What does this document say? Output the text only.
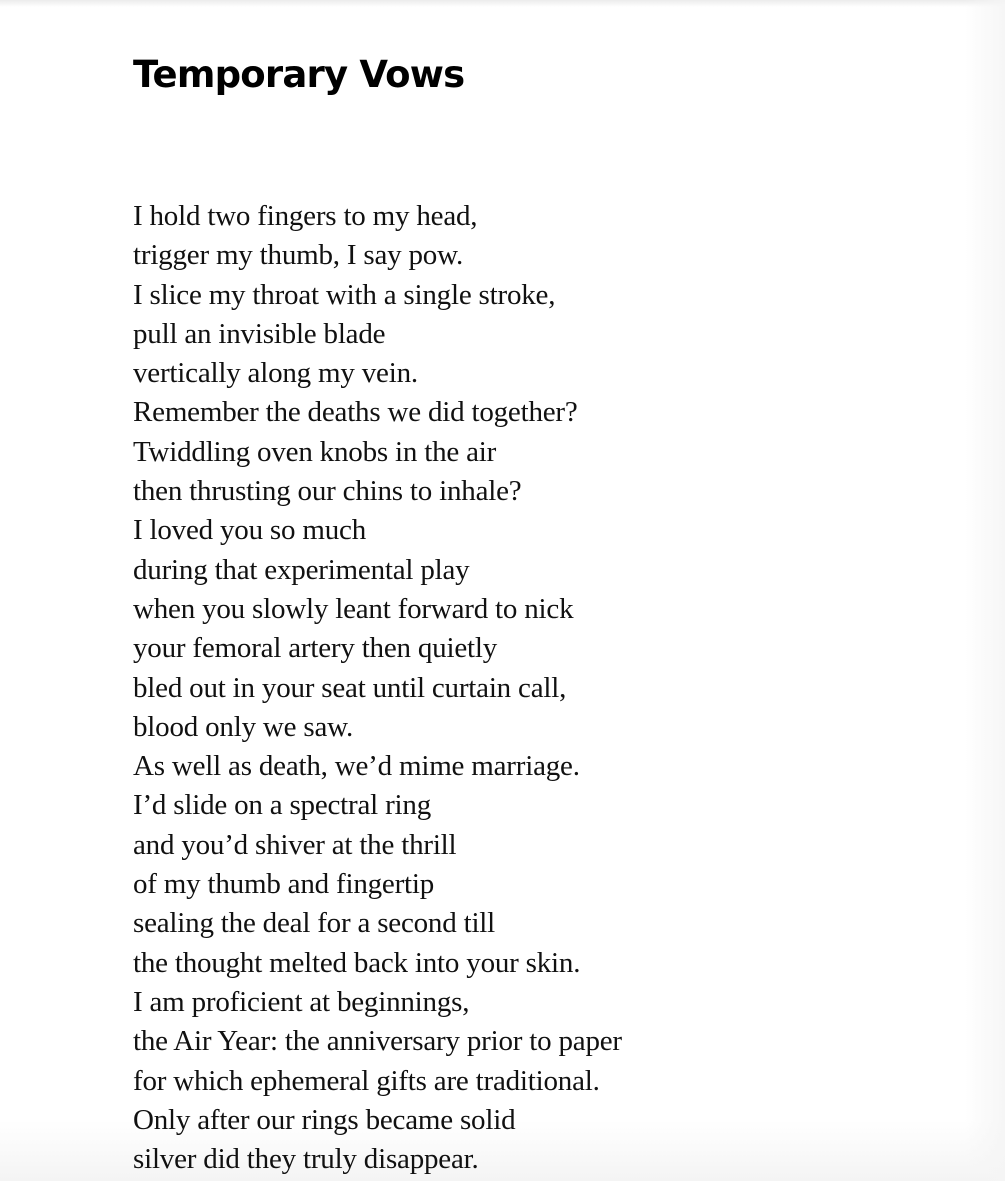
Temporary Vows
I hold two fingers to my head,
trigger my thumb, I say pow.
I slice my throat with a single stroke,
pull an invisible blade
vertically along my vein.
Remember the deaths we did together?
Twiddling oven knobs in the air
then thrusting our chins to inhale?
I loved you so much
during that experimental play
when you slowly leant forward to nick
your femoral artery then quietly
bled out in your seat until curtain call,
blood only we saw.
As well as death, we’d mime marriage.
I’d slide on a spectral ring
and you’d shiver at the thrill
of my thumb and fingertip
sealing the deal for a second till
the thought melted back into your skin.
I am proficient at beginnings,
the Air Year: the anniversary prior to paper
for which ephemeral gifts are traditional.
Only after our rings became solid
silver did they truly disappear.
